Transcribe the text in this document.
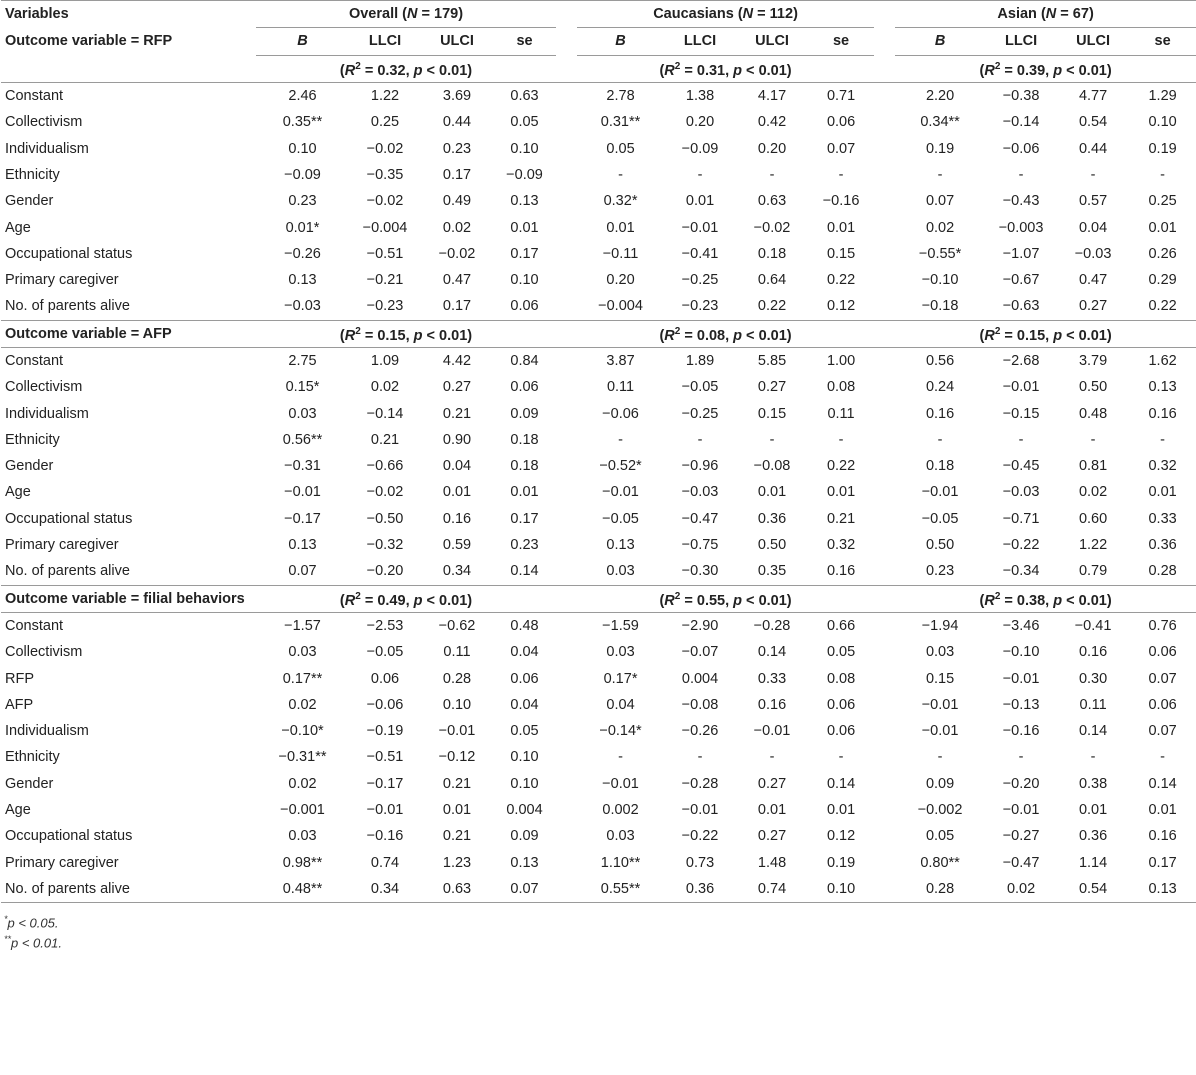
Variables	Overall (N = 179)					Caucasians (N = 112)					Asian (N = 67)			
Outcome variable = RFP	B	LLCI	ULCI	se		B	LLCI	ULCI	se		B	LLCI	ULCI	se
	($R^2 = 0.32$, p < 0.01)					($R^2 = 0.31$, p < 0.01)					($R^2 = 0.39$, p < 0.01)			
Constant	2.46	1.22	3.69	0.63		2.78	1.38	4.17	0.71		2.20	−0.38	4.77	1.29
Collectivism	0.35**	0.25	0.44	0.05		0.31**	0.20	0.42	0.06		0.34**	−0.14	0.54	0.10
Individualism	0.10	−0.02	0.23	0.10		0.05	−0.09	0.20	0.07		0.19	−0.06	0.44	0.19
Ethnicity	−0.09	−0.35	0.17	−0.09		-	-	-	-		-	-	-	-
Gender	0.23	−0.02	0.49	0.13		0.32*	0.01	0.63	−0.16		0.07	−0.43	0.57	0.25
Age	0.01*	−0.004	0.02	0.01		0.01	−0.01	−0.02	0.01		0.02	−0.003	0.04	0.01
Occupational status	−0.26	−0.51	−0.02	0.17		−0.11	−0.41	0.18	0.15		−0.55*	−1.07	−0.03	0.26
Primary caregiver	0.13	−0.21	0.47	0.10		0.20	−0.25	0.64	0.22		−0.10	−0.67	0.47	0.29
No. of parents alive	−0.03	−0.23	0.17	0.06		−0.004	−0.23	0.22	0.12		−0.18	−0.63	0.27	0.22
Outcome variable = AFP	($R^2 = 0.15$, p < 0.01)					($R^2 = 0.08$, p < 0.01)					($R^2 = 0.15$, p < 0.01)			
Constant	2.75	1.09	4.42	0.84		3.87	1.89	5.85	1.00		0.56	−2.68	3.79	1.62
Collectivism	0.15*	0.02	0.27	0.06		0.11	−0.05	0.27	0.08		0.24	−0.01	0.50	0.13
Individualism	0.03	−0.14	0.21	0.09		−0.06	−0.25	0.15	0.11		0.16	−0.15	0.48	0.16
Ethnicity	0.56**	0.21	0.90	0.18		-	-	-	-		-	-	-	-
Gender	−0.31	−0.66	0.04	0.18		−0.52*	−0.96	−0.08	0.22		0.18	−0.45	0.81	0.32
Age	−0.01	−0.02	0.01	0.01		−0.01	−0.03	0.01	0.01		−0.01	−0.03	0.02	0.01
Occupational status	−0.17	−0.50	0.16	0.17		−0.05	−0.47	0.36	0.21		−0.05	−0.71	0.60	0.33
Primary caregiver	0.13	−0.32	0.59	0.23		0.13	−0.75	0.50	0.32		0.50	−0.22	1.22	0.36
No. of parents alive	0.07	−0.20	0.34	0.14		0.03	−0.30	0.35	0.16		0.23	−0.34	0.79	0.28
Outcome variable = filial behaviors	($R^2 = 0.49$, p < 0.01)					($R^2 = 0.55$, p < 0.01)					($R^2 = 0.38$, p < 0.01)			
Constant	−1.57	−2.53	−0.62	0.48		−1.59	−2.90	−0.28	0.66		−1.94	−3.46	−0.41	0.76
Collectivism	0.03	−0.05	0.11	0.04		0.03	−0.07	0.14	0.05		0.03	−0.10	0.16	0.06
RFP	0.17**	0.06	0.28	0.06		0.17*	0.004	0.33	0.08		0.15	−0.01	0.30	0.07
AFP	0.02	−0.06	0.10	0.04		0.04	−0.08	0.16	0.06		−0.01	−0.13	0.11	0.06
Individualism	−0.10*	−0.19	−0.01	0.05		−0.14*	−0.26	−0.01	0.06		−0.01	−0.16	0.14	0.07
Ethnicity	−0.31**	−0.51	−0.12	0.10		-	-	-	-		-	-	-	-
Gender	0.02	−0.17	0.21	0.10		−0.01	−0.28	0.27	0.14		0.09	−0.20	0.38	0.14
Age	−0.001	−0.01	0.01	0.004		0.002	−0.01	0.01	0.01		−0.002	−0.01	0.01	0.01
Occupational status	0.03	−0.16	0.21	0.09		0.03	−0.22	0.27	0.12		0.05	−0.27	0.36	0.16
Primary caregiver	0.98**	0.74	1.23	0.13		1.10**	0.73	1.48	0.19		0.80**	−0.47	1.14	0.17
No. of parents alive	0.48**	0.34	0.63	0.07		0.55**	0.36	0.74	0.10		0.28	0.02	0.54	0.13
*p < 0.05.
**p < 0.01.
